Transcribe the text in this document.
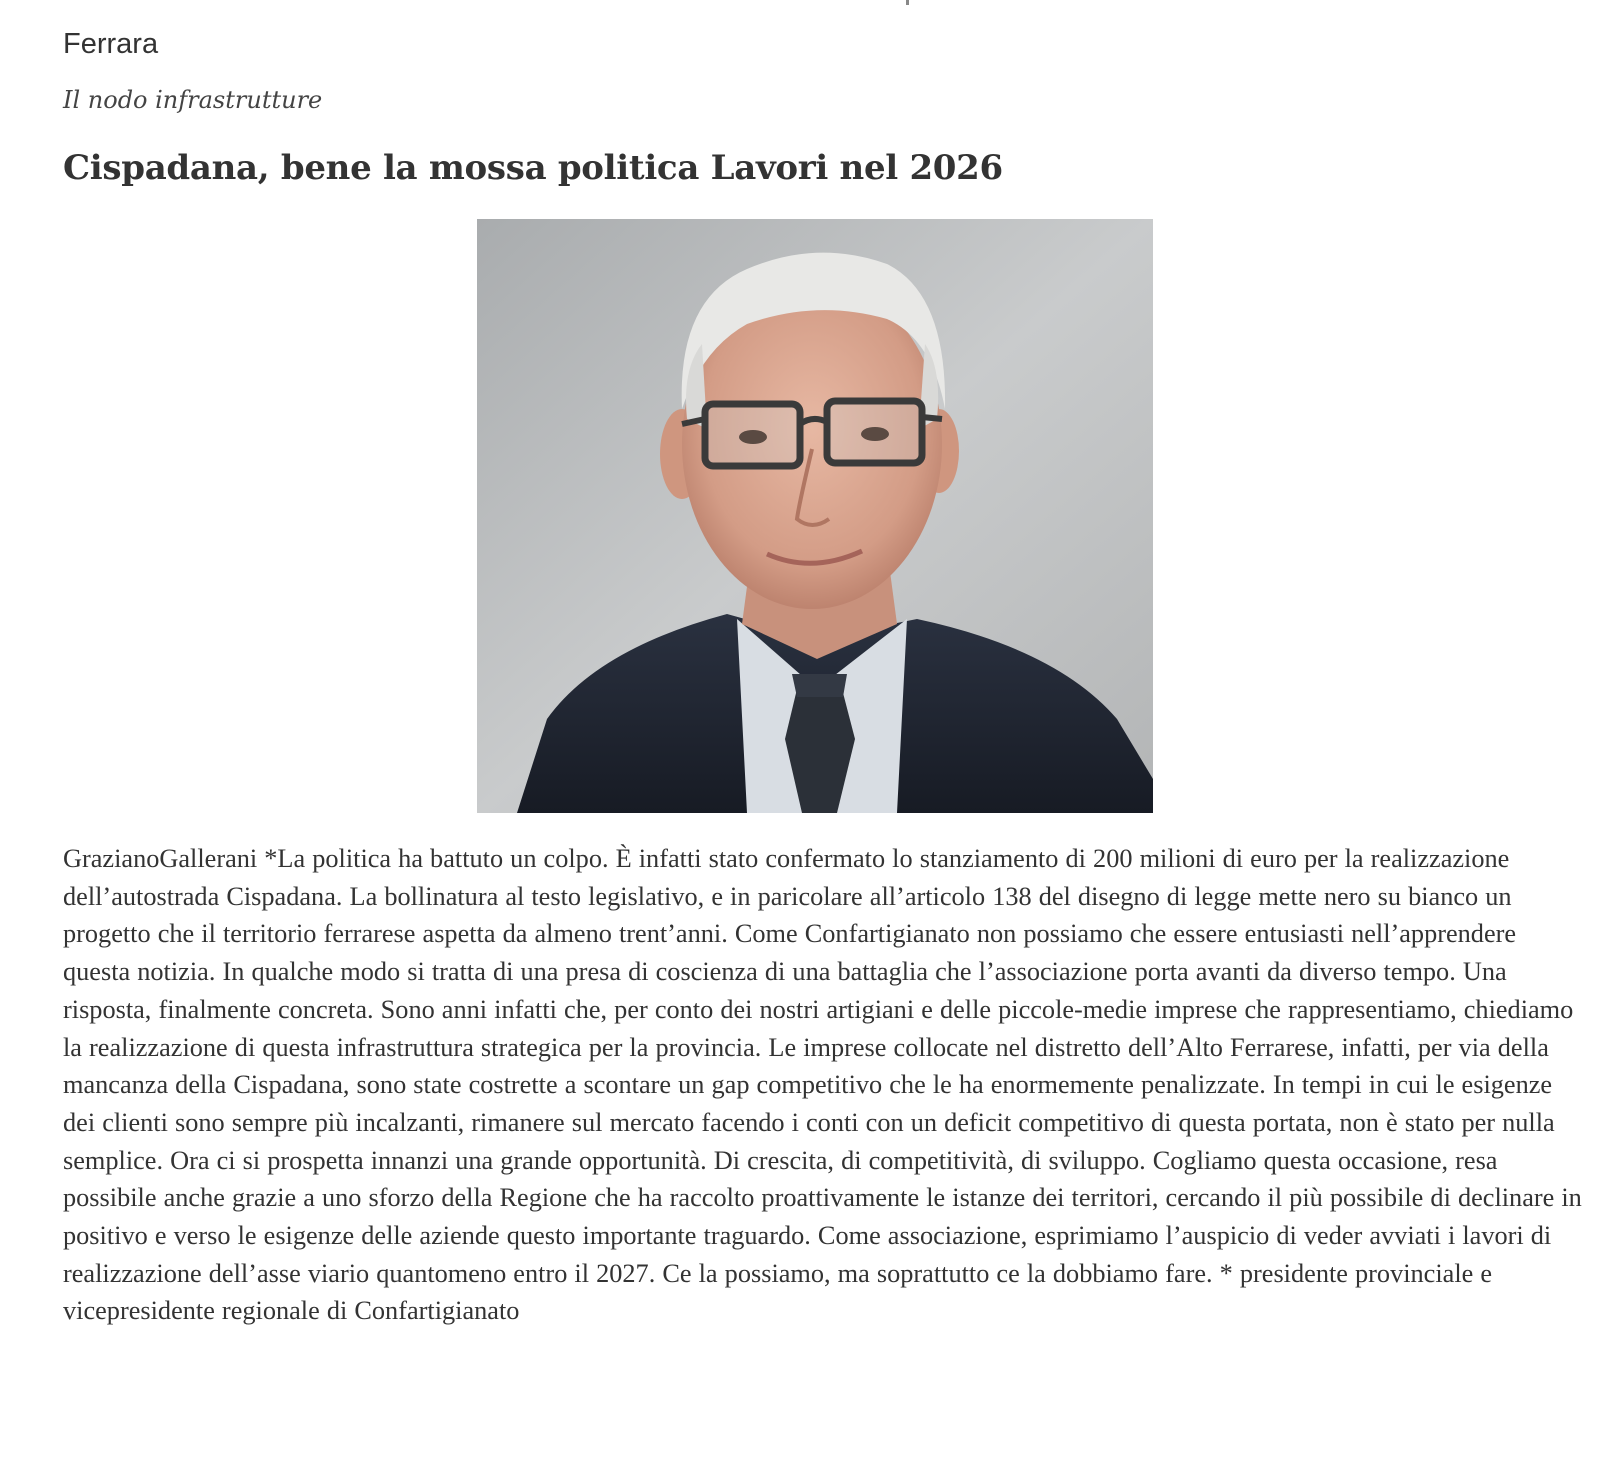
Ferrara
Il nodo infrastrutture
Cispadana, bene la mossa politica Lavori nel 2026

GrazianoGallerani *La politica ha battuto un colpo. È infatti stato confermato lo stanziamento di 200 milioni di euro per la realizzazione dell’autostrada Cispadana. La bollinatura al testo legislativo, e in paricolare all’articolo 138 del disegno di legge mette nero su bianco un progetto che il territorio ferrarese aspetta da almeno trent’anni. Come Confartigianato non possiamo che essere entusiasti nell’apprendere questa notizia. In qualche modo si tratta di una presa di coscienza di una battaglia che l’associazione porta avanti da diverso tempo. Una risposta, finalmente concreta. Sono anni infatti che, per conto dei nostri artigiani e delle piccole-medie imprese che rappresentiamo, chiediamo la realizzazione di questa infrastruttura strategica per la provincia. Le imprese collocate nel distretto dell’Alto Ferrarese, infatti, per via della mancanza della Cispadana, sono state costrette a scontare un gap competitivo che le ha enormemente penalizzate. In tempi in cui le esigenze dei clienti sono sempre più incalzanti, rimanere sul mercato facendo i conti con un deficit competitivo di questa portata, non è stato per nulla semplice. Ora ci si prospetta innanzi una grande opportunità. Di crescita, di competitività, di sviluppo. Cogliamo questa occasione, resa possibile anche grazie a uno sforzo della Regione che ha raccolto proattivamente le istanze dei territori, cercando il più possibile di declinare in positivo e verso le esigenze delle aziende questo importante traguardo. Come associazione, esprimiamo l’auspicio di veder avviati i lavori di realizzazione dell’asse viario quantomeno entro il 2027. Ce la possiamo, ma soprattutto ce la dobbiamo fare. * presidente provinciale e vicepresidente regionale di Confartigianato
